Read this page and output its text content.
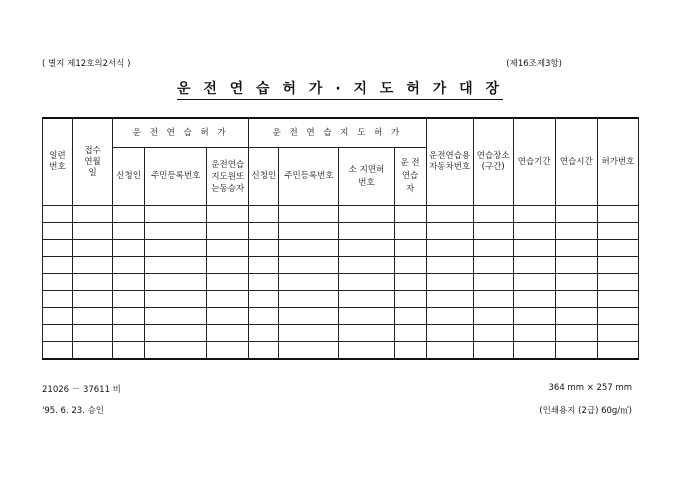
( 별지 제12호의2서식 )	(제16조제3항)
운 전 연 습 허 가 · 지 도 허 가 대 장
일련번호	접수연월일	운 전 연 습 허 가			운 전 연 습 지 도 허 가				운전연습용자동차번호	연습장소(구간)	연습기간	연습시간	허가번호
		신청인	주민등록번호	운전연습지도원또는동승자	신청인	주민등록번호	소 지면허번호	운 전연습자					

21026 － 37611 비	364 mm × 257 mm
'95. 6. 23. 승인	(인쇄용지 (2급) 60g/㎡)
